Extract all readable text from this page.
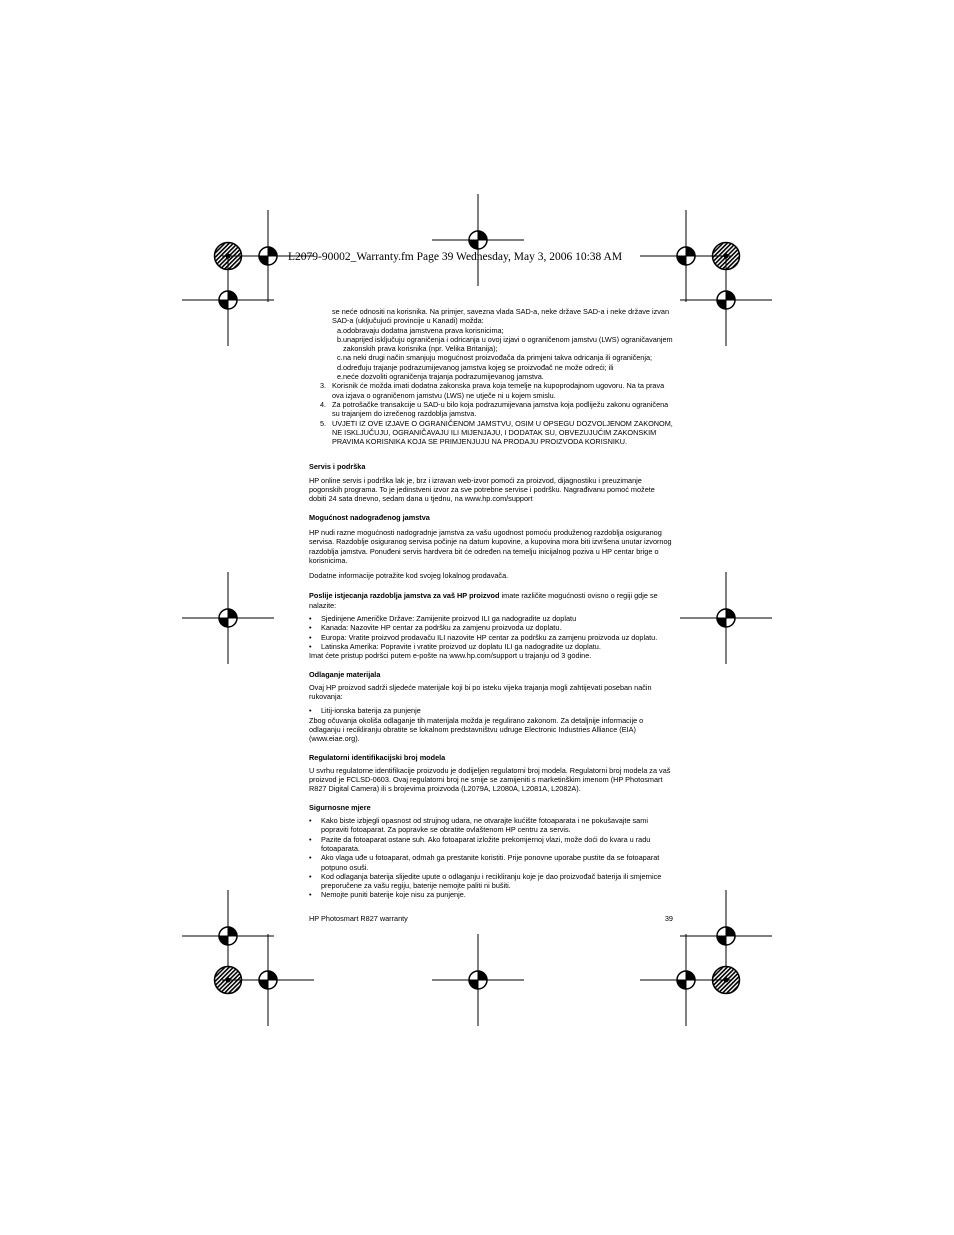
L2079-90002_Warranty.fm Page 39 Wednesday, May 3, 2006 10:38 AM

se neće odnositi na korisnika. Na primjer, savezna vlada SAD-a, neke države SAD-a i neke države izvan SAD-a (uključujući provincije u Kanadi) možda:

a. odobravaju dodatna jamstvena prava korisnicima;
b. unaprijed isključuju ograničenja i odricanja u ovoj izjavi o ograničenom jamstvu (LWS) ograničavanjem zakonskih prava korisnika (npr. Velika Britanija);
c. na neki drugi način smanjuju mogućnost proizvođača da primjeni takva odricanja ili ograničenja;
d. određuju trajanje podrazumijevanog jamstva kojeg se proizvođač ne može odreći; ili
e. neće dozvoliti ograničenja trajanja podrazumijevanog jamstva.
3. Korisnik će možda imati dodatna zakonska prava koja temelje na kupoprodajnom ugovoru. Na ta prava ova izjava o ograničenom jamstvu (LWS) ne utječe ni u kojem smislu.
4. Za potrošačke transakcije u SAD-u bilo koja podrazumijevana jamstva koja podliježu zakonu ograničena su trajanjem do izrečenog razdoblja jamstva.
5. UVJETI IZ OVE IZJAVE O OGRANIČENOM JAMSTVU, OSIM U OPSEGU DOZVOLJENOM ZAKONOM, NE ISKLJUČUJU, OGRANIČAVAJU ILI MIJENJAJU, I DODATAK SU, OBVEZUJUĆIM ZAKONSKIM PRAVIMA KORISNIKA KOJA SE PRIMJENJUJU NA PRODAJU PROIZVODA KORISNIKU.

Servis i podrška

HP online servis i podrška lak je, brz i izravan web-izvor pomoći za proizvod, dijagnostiku i preuzimanje pogonskih programa. To je jedinstveni izvor za sve potrebne servise i podršku. Nagrađivanu pomoć možete dobiti 24 sata dnevno, sedam dana u tjednu, na www.hp.com/support

Mogućnost nadograđenog jamstva

HP nudi razne mogućnosti nadogradnje jamstva za vašu ugodnost pomoću produženog razdoblja osiguranog servisa. Razdoblje osiguranog servisa počinje na datum kupovine, a kupovina mora biti izvršena unutar izvornog razdoblja jamstva. Ponuđeni servis hardvera bit će određen na temelju inicijalnog poziva u HP centar brige o korisnicima.

Dodatne informacije potražite kod svojeg lokalnog prodavača.

Poslije istjecanja razdoblja jamstva za vaš HP proizvod imate različite mogućnosti ovisno o regiji gdje se nalazite:

•	Sjedinjene Američke Države: Zamijenite proizvod ILI ga nadogradite uz doplatu
•	Kanada: Nazovite HP centar za podršku za zamjenu proizvoda uz doplatu.
•	Europa: Vratite proizvod prodavaču ILI nazovite HP centar za podršku za zamjenu proizvoda uz doplatu.
•	Latinska Amerika: Popravite i vratite proizvod uz doplatu ILI ga nadogradite uz doplatu.

Imat ćete pristup podršci putem e-pošte na www.hp.com/support u trajanju od 3 godine.

Odlaganje materijala

Ovaj HP proizvod sadrži sljedeće materijale koji bi po isteku vijeka trajanja mogli zahtijevati poseban način rukovanja:

•	Litij-ionska baterija za punjenje

Zbog očuvanja okoliša odlaganje tih materijala možda je regulirano zakonom. Za detaljnije informacije o odlaganju i recikliranju obratite se lokalnom predstavništvu udruge Electronic Industries Alliance (EIA) (www.eiae.org).

Regulatorni identifikacijski broj modela

U svrhu regulatorne identifikacije proizvodu je dodijeljen regulatorni broj modela. Regulatorni broj modela za vaš proizvod je FCLSD-0603. Ovaj regulatorni broj ne smije se zamijeniti s marketinškim imenom (HP Photosmart R827 Digital Camera) ili s brojevima proizvoda (L2079A, L2080A, L2081A, L2082A).

Sigurnosne mjere

•	Kako biste izbjegli opasnost od strujnog udara, ne otvarajte kućište fotoaparata i ne pokušavajte sami popraviti fotoaparat. Za popravke se obratite ovlaštenom HP centru za servis.
•	Pazite da fotoaparat ostane suh. Ako fotoaparat izložite prekomjernoj vlazi, može doći do kvara u radu fotoaparata.
•	Ako vlaga uđe u fotoaparat, odmah ga prestanite koristiti. Prije ponovne uporabe pustite da se fotoaparat potpuno osuši.
•	Kod odlaganja baterija slijedite upute o odlaganju i recikliranju koje je dao proizvođač baterija ili smjernice preporučene za vašu regiju, baterije nemojte paliti ni bušiti.
•	Nemojte puniti baterije koje nisu za punjenje.
HP Photosmart R827 warranty	39
